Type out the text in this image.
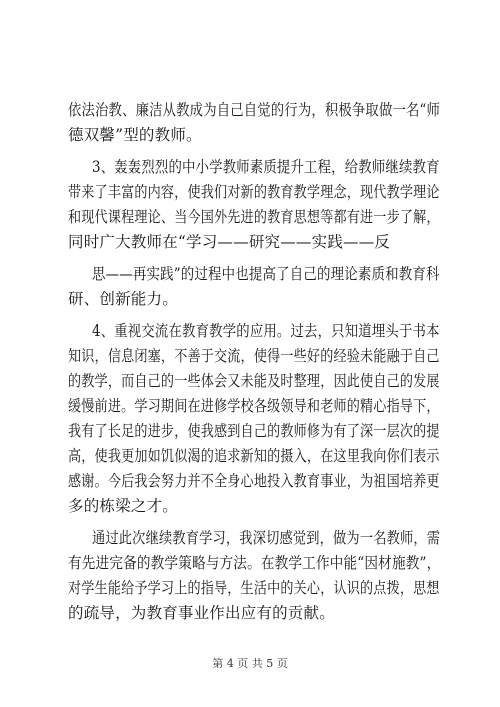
依法治教、廉洁从教成为自己自觉的行为，积极争取做一名“师
德双馨”型的教师。
3、轰轰烈烈的中小学教师素质提升工程，给教师继续教育
带来了丰富的内容，使我们对新的教育教学理念，现代教学理论
和现代课程理论、当今国外先进的教育思想等都有进一步了解，
同时广大教师在“学习——研究——实践——反
思——再实践”的过程中也提高了自己的理论素质和教育科
研、创新能力。
4、重视交流在教育教学的应用。过去，只知道埋头于书本
知识，信息闭塞，不善于交流，使得一些好的经验未能融于自己
的教学，而自己的一些体会又未能及时整理，因此使自己的发展
缓慢前进。学习期间在进修学校各级领导和老师的精心指导下，
我有了长足的进步，使我感到自己的教师修为有了深一层次的提
高，使我更加如饥似渴的追求新知的摄入，在这里我向你们表示
感谢。今后我会努力并不全身心地投入教育事业，为祖国培养更
多的栋梁之才。
通过此次继续教育学习，我深切感觉到，做为一名教师，需
有先进完备的教学策略与方法。在教学工作中能“因材施教”，
对学生能给予学习上的指导，生活中的关心，认识的点拨，思想
的疏导，为教育事业作出应有的贡献。
第 4 页 共 5 页
